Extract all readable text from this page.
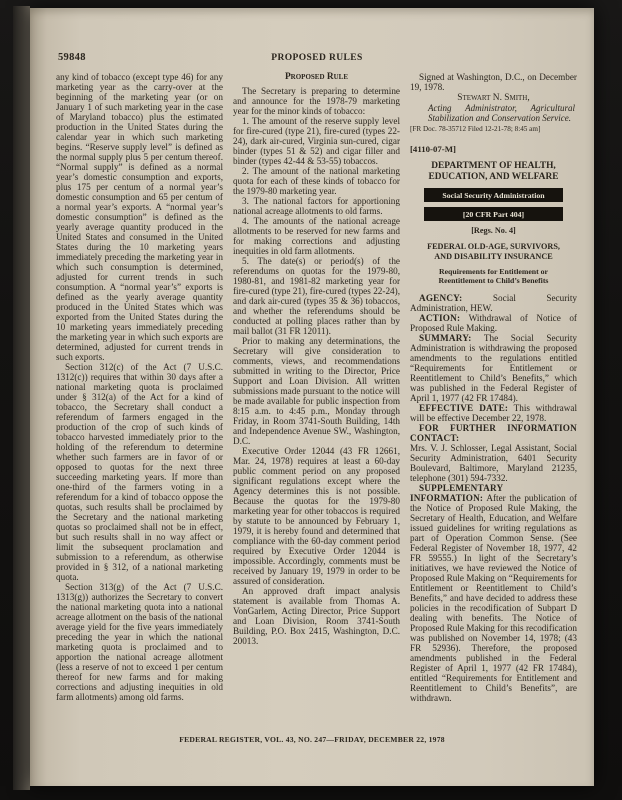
59848	PROPOSED RULES

any kind of tobacco (except type 46) for any marketing year as the carry-over at the beginning of the marketing year (or on January 1 of such marketing year in the case of Maryland tobacco) plus the estimated production in the United States during the calendar year in which such marketing begins. “Reserve supply level” is defined as the normal supply plus 5 per centum thereof. “Normal supply” is defined as a normal year’s domestic consumption and exports, plus 175 per centum of a normal year’s domestic consumption and 65 per centum of a normal year’s exports. A “normal year’s domestic consumption” is defined as the yearly average quantity produced in the United States and consumed in the United States during the 10 marketing years immediately preceding the marketing year in which such consumption is determined, adjusted for current trends in such consumption. A “normal year’s” exports is defined as the yearly average quantity produced in the United States which was exported from the United States during the 10 marketing years immediately preceding the marketing year in which such exports are determined, adjusted for current trends in such exports.

Section 312(c) of the Act (7 U.S.C. 1312(c)) requires that within 30 days after a national marketing quota is proclaimed under § 312(a) of the Act for a kind of tobacco, the Secretary shall conduct a referendum of farmers engaged in the production of the crop of such kinds of tobacco harvested immediately prior to the holding of the referendum to determine whether such farmers are in favor of or opposed to quotas for the next three succeeding marketing years. If more than one-third of the farmers voting in a referendum for a kind of tobacco oppose the quotas, such results shall be proclaimed by the Secretary and the national marketing quotas so proclaimed shall not be in effect, but such results shall in no way affect or limit the subsequent proclamation and submission to a referendum, as otherwise provided in § 312, of a national marketing quota.

Section 313(g) of the Act (7 U.S.C. 1313(g)) authorizes the Secretary to convert the national marketing quota into a national acreage allotment on the basis of the national average yield for the five years immediately preceding the year in which the national marketing quota is proclaimed and to apportion the national acreage allotment (less a reserve of not to exceed 1 per centum thereof for new farms and for making corrections and adjusting inequities in old farm allotments) among old farms.

Proposed Rule

The Secretary is preparing to determine and announce for the 1978-79 marketing year for the minor kinds of tobacco:

1. The amount of the reserve supply level for fire-cured (type 21), fire-cured (types 22-24), dark air-cured, Virginia sun-cured, cigar binder (types 51 & 52) and cigar filler and binder (types 42-44 & 53-55) tobaccos.

2. The amount of the national marketing quota for each of these kinds of tobacco for the 1979-80 marketing year.

3. The national factors for apportioning national acreage allotments to old farms.

4. The amounts of the national acreage allotments to be reserved for new farms and for making corrections and adjusting inequities in old farm allotments.

5. The date(s) or period(s) of the referendums on quotas for the 1979-80, 1980-81, and 1981-82 marketing year for fire-cured (type 21), fire-cured (types 22-24), and dark air-cured (types 35 & 36) tobaccos, and whether the referendums should be conducted at polling places rather than by mail ballot (31 FR 12011).

Prior to making any determinations, the Secretary will give consideration to comments, views, and recommendations submitted in writing to the Director, Price Support and Loan Division. All written submissions made pursuant to the notice will be made available for public inspection from 8:15 a.m. to 4:45 p.m., Monday through Friday, in Room 3741-South Building, 14th and Independence Avenue SW., Washington, D.C.

Executive Order 12044 (43 FR 12661, Mar. 24, 1978) requires at least a 60-day public comment period on any proposed significant regulations except where the Agency determines this is not possible. Because the quotas for the 1979-80 marketing year for other tobaccos is required by statute to be announced by February 1, 1979, it is hereby found and determined that compliance with the 60-day comment period required by Executive Order 12044 is impossible. Accordingly, comments must be received by January 19, 1979 in order to be assured of consideration.

An approved draft impact analysis statement is available from Thomas A. VonGarlem, Acting Director, Price Support and Loan Division, Room 3741-South Building, P.O. Box 2415, Washington, D.C. 20013.

Signed at Washington, D.C., on December 19, 1978.

Stewart N. Smith,
Acting Administrator, Agricultural Stabilization and Conservation Service.
[FR Doc. 78-35712 Filed 12-21-78; 8:45 am]
[4110-07-M]
DEPARTMENT OF HEALTH, EDUCATION, AND WELFARE
Social Security Administration
[20 CFR Part 404]
[Regs. No. 4]
FEDERAL OLD-AGE, SURVIVORS, AND DISABILITY INSURANCE
Requirements for Entitlement or Reentitlement to Child’s Benefits

AGENCY:	Social Security Administration, HEW.

ACTION: Withdrawal of Notice of Proposed Rule Making.

SUMMARY: The Social Security Administration is withdrawing the proposed amendments to the regulations entitled “Requirements for Entitlement or Reentitlement to Child’s Benefits,” which was published in the Federal Register of April 1, 1977 (42 FR 17484).

EFFECTIVE DATE: This withdrawal will be effective December 22, 1978.

FOR FURTHER INFORMATION CONTACT:
Mrs. V. J. Schlosser, Legal Assistant, Social Security Administration, 6401 Security Boulevard, Baltimore, Maryland 21235, telephone (301) 594-7332.

SUPPLEMENTARY INFORMATION: After the publication of the Notice of Proposed Rule Making, the Secretary of Health, Education, and Welfare issued guidelines for writing regulations as part of Operation Common Sense. (See Federal Register of November 18, 1977, 42 FR 59555.) In light of the Secretary’s initiatives, we have reviewed the Notice of Proposed Rule Making on “Requirements for Entitlement or Reentitlement to Child’s Benefits,” and have decided to address these policies in the recodification of Subpart D dealing with benefits. The Notice of Proposed Rule Making for this recodification was published on November 14, 1978; (43 FR 52936). Therefore, the proposed amendments published in the Federal Register of April 1, 1977 (42 FR 17484), entitled “Requirements for Entitlement and Reentitlement to Child’s Benefits”, are withdrawn.

FEDERAL REGISTER, VOL. 43, NO. 247—FRIDAY, DECEMBER 22, 1978
